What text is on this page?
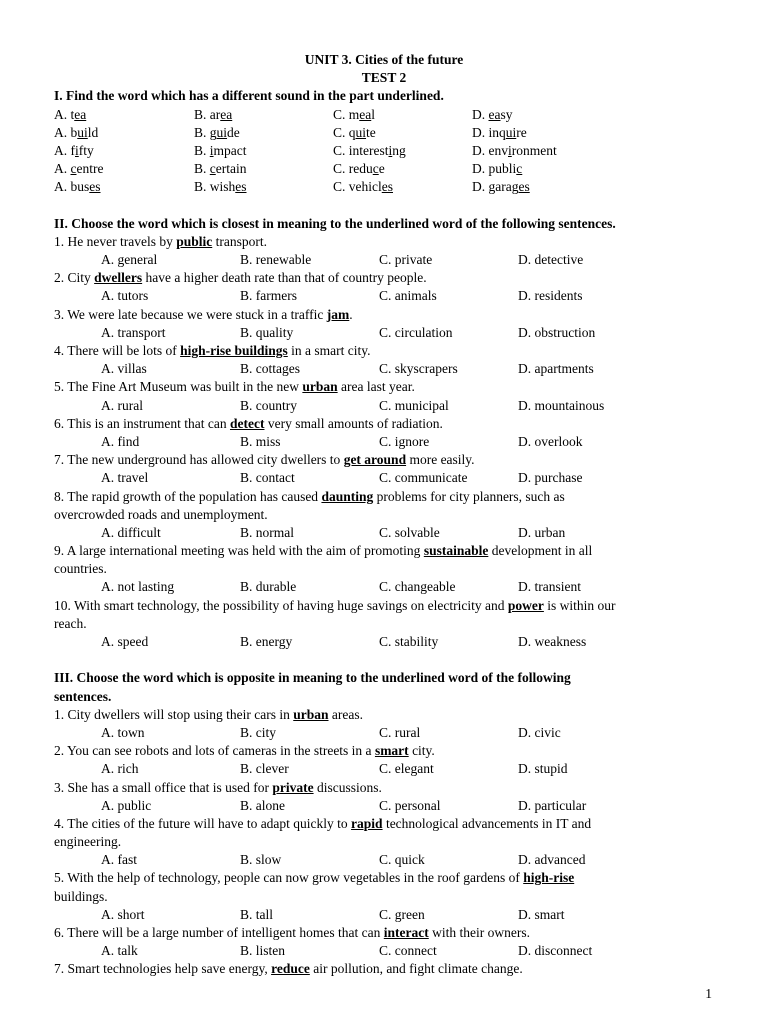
UNIT 3. Cities of the future
TEST 2
I. Find the word which has a different sound in the part underlined.
A. tea	B. area	C. meal	D. easy
A. build	B. guide	C. quite	D. inquire
A. fifty	B. impact	C. interesting	D. environment
A. centre	B. certain	C. reduce	D. public
A. buses	B. wishes	C. vehicles	D. garages
II. Choose the word which is closest in meaning to the underlined word of the following sentences.
1. He never travels by public transport.
A. general	B. renewable	C. private	D. detective
2. City dwellers have a higher death rate than that of country people.
A. tutors	B. farmers	C. animals	D. residents
3. We were late because we were stuck in a traffic jam.
A. transport	B. quality	C. circulation	D. obstruction
4. There will be lots of high-rise buildings in a smart city.
A. villas	B. cottages	C. skyscrapers	D. apartments
5. The Fine Art Museum was built in the new urban area last year.
A. rural	B. country	C. municipal	D. mountainous
6. This is an instrument that can detect very small amounts of radiation.
A. find	B. miss	C. ignore	D. overlook
7. The new underground has allowed city dwellers to get around more easily.
A. travel	B. contact	C. communicate	D. purchase
8. The rapid growth of the population has caused daunting problems for city planners, such as
overcrowded roads and unemployment.
A. difficult	B. normal	C. solvable	D. urban
9. A large international meeting was held with the aim of promoting sustainable development in all
countries.
A. not lasting	B. durable	C. changeable	D. transient
10. With smart technology, the possibility of having huge savings on electricity and power is within our
reach.
A. speed	B. energy	C. stability	D. weakness
III. Choose the word which is opposite in meaning to the underlined word of the following
sentences.
1. City dwellers will stop using their cars in urban areas.
A. town	B. city	C. rural	D. civic
2. You can see robots and lots of cameras in the streets in a smart city.
A. rich	B. clever	C. elegant	D. stupid
3. She has a small office that is used for private discussions.
A. public	B. alone	C. personal	D. particular
4. The cities of the future will have to adapt quickly to rapid technological advancements in IT and
engineering.
A. fast	B. slow	C. quick	D. advanced
5. With the help of technology, people can now grow vegetables in the roof gardens of high-rise
buildings.
A. short	B. tall	C. green	D. smart
6. There will be a large number of intelligent homes that can interact with their owners.
A. talk	B. listen	C. connect	D. disconnect
7. Smart technologies help save energy, reduce air pollution, and fight climate change.
1
